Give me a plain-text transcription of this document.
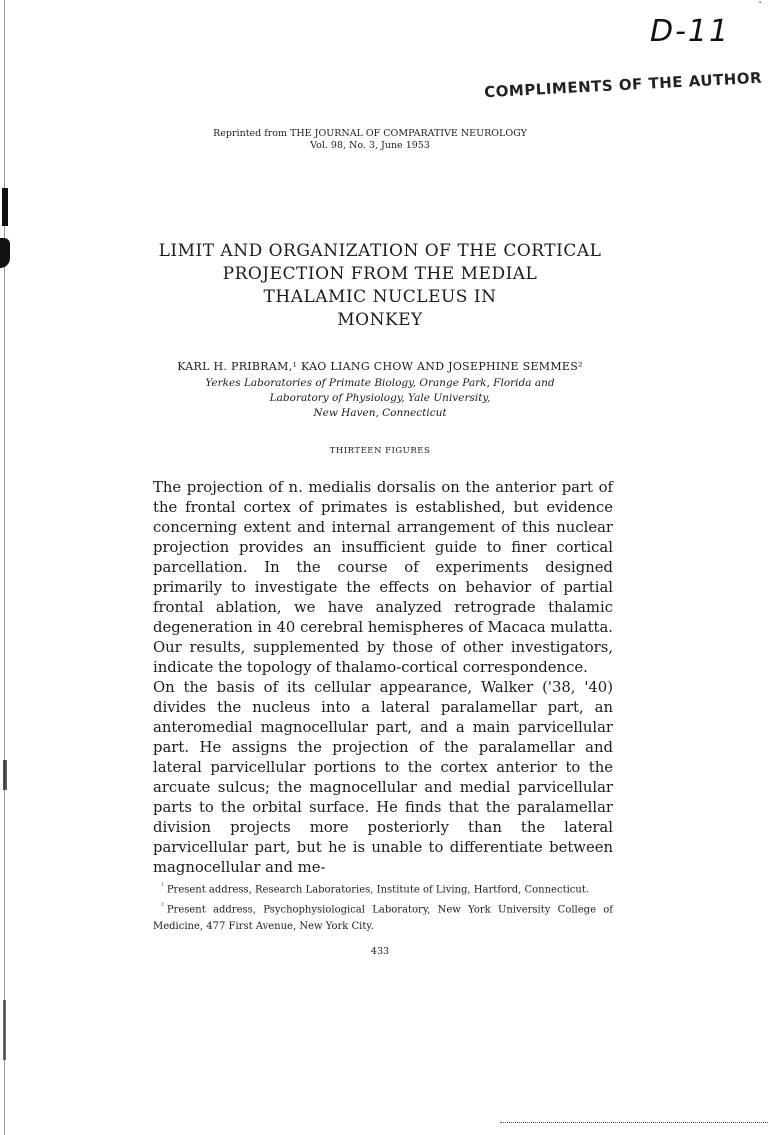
ˇ
D-11
COMPLIMENTS OF THE AUTHOR
Reprinted from THE JOURNAL OF COMPARATIVE NEUROLOGY
Vol. 98, No. 3, June 1953
LIMIT AND ORGANIZATION OF THE CORTICAL
PROJECTION FROM THE MEDIAL
THALAMIC NUCLEUS IN
MONKEY
KARL H. PRIBRAM,¹ KAO LIANG CHOW AND JOSEPHINE SEMMES²
Yerkes Laboratories of Primate Biology, Orange Park, Florida and
Laboratory of Physiology, Yale University,
New Haven, Connecticut
THIRTEEN FIGURES

The projection of n. medialis dorsalis on the anterior part of the frontal cortex of primates is established, but evidence concerning extent and internal arrangement of this nuclear projection provides an insufficient guide to finer cortical parcellation. In the course of experiments designed primarily to investigate the effects on behavior of partial frontal ablation, we have analyzed retrograde thalamic degeneration in 40 cerebral hemispheres of Macaca mulatta. Our results, supplemented by those of other investigators, indicate the topology of thalamo-cortical correspondence.

On the basis of its cellular appearance, Walker ('38, '40) divides the nucleus into a lateral paralamellar part, an anteromedial magnocellular part, and a main parvicellular part. He assigns the projection of the paralamellar and lateral parvicellular portions to the cortex anterior to the arcuate sulcus; the magnocellular and medial parvicellular parts to the orbital surface. He finds that the paralamellar division projects more posteriorly than the lateral parvicellular part, but he is unable to differentiate between magnocellular and me-

$^{^1}$ Present address, Research Laboratories, Institute of Living, Hartford, Connecticut.

$^{^2}$ Present address, Psychophysiological Laboratory, New York University College of Medicine, 477 First Avenue, New York City.

433
